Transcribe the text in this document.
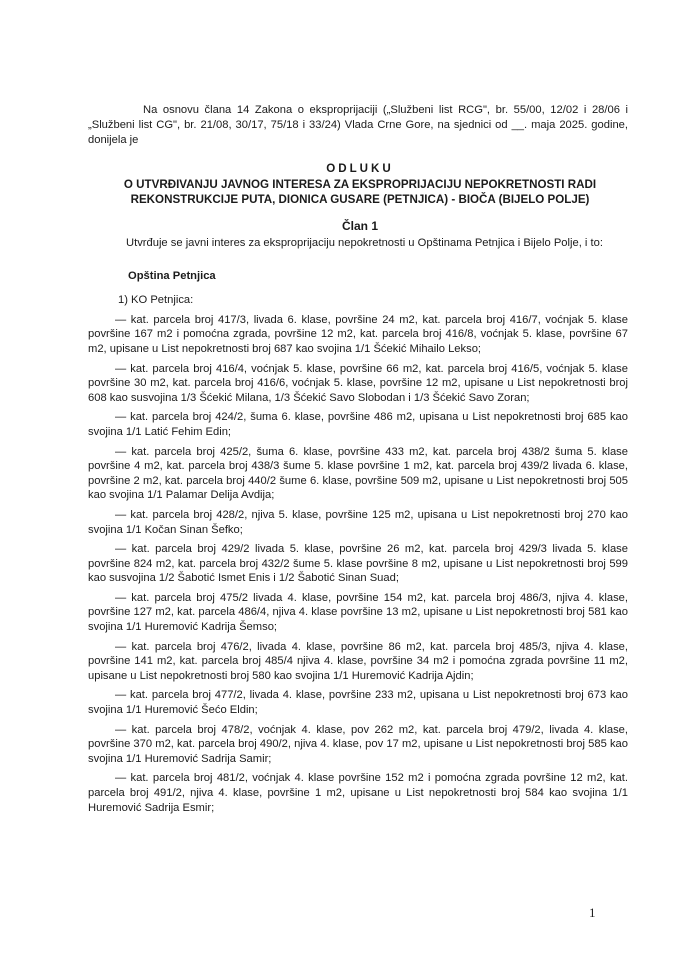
Na osnovu člana 14 Zakona o eksproprijaciji („Službeni list RCG", br. 55/00, 12/02 i 28/06 i „Službeni list CG", br. 21/08, 30/17, 75/18 i 33/24) Vlada Crne Gore, na sjednici od __. maja 2025. godine, donijela je

ODLUKU
O UTVRĐIVANJU JAVNOG INTERESA ZA EKSPROPRIJACIJU NEPOKRETNOSTI RADI REKONSTRUKCIJE PUTA, DIONICA GUSARE (PETNJICA) - BIOČA (BIJELO POLJE)
Član 1

Utvrđuje se javni interes za eksproprijaciju nepokretnosti u Opštinama Petnjica i Bijelo Polje, i to:

Opština Petnjica

1) KO Petnjica:

— kat. parcela broj 417/3, livada 6. klase, površine 24 m2, kat. parcela broj 416/7, voćnjak 5. klase površine 167 m2 i pomoćna zgrada, površine 12 m2, kat. parcela broj 416/8, voćnjak 5. klase, površine 67 m2, upisane u List nepokretnosti broj 687 kao svojina 1/1 Šćekić Mihailo Lekso;

— kat. parcela broj 416/4, voćnjak 5. klase, površine 66 m2, kat. parcela broj 416/5, voćnjak 5. klase površine 30 m2, kat. parcela broj 416/6, voćnjak 5. klase, površine 12 m2, upisane u List nepokretnosti broj 608 kao susvojina 1/3 Šćekić Milana, 1/3 Šćekić Savo Slobodan i 1/3 Šćekić Savo Zoran;

— kat. parcela broj 424/2, šuma 6. klase, površine 486 m2, upisana u List nepokretnosti broj 685 kao svojina 1/1 Latić Fehim Edin;

— kat. parcela broj 425/2, šuma 6. klase, površine 433 m2, kat. parcela broj 438/2 šuma 5. klase površine 4 m2, kat. parcela broj 438/3 šume 5. klase površine 1 m2, kat. parcela broj 439/2 livada 6. klase, površine 2 m2, kat. parcela broj 440/2 šume 6. klase, površine 509 m2, upisane u List nepokretnosti broj 505 kao svojina 1/1 Palamar Delija Avdija;

— kat. parcela broj 428/2, njiva 5. klase, površine 125 m2, upisana u List nepokretnosti broj 270 kao svojina 1/1 Kočan Sinan Šefko;

— kat. parcela broj 429/2 livada 5. klase, površine 26 m2, kat. parcela broj 429/3 livada 5. klase površine 824 m2, kat. parcela broj 432/2 šume 5. klase površine 8 m2, upisane u List nepokretnosti broj 599 kao susvojina 1/2 Šabotić Ismet Enis i 1/2 Šabotić Sinan Suad;

— kat. parcela broj 475/2 livada 4. klase, površine 154 m2, kat. parcela broj 486/3, njiva 4. klase, površine 127 m2, kat. parcela 486/4, njiva 4. klase površine 13 m2, upisane u List nepokretnosti broj 581 kao svojina 1/1 Huremović Kadrija Šemso;

— kat. parcela broj 476/2, livada 4. klase, površine 86 m2, kat. parcela broj 485/3, njiva 4. klase, površine 141 m2, kat. parcela broj 485/4 njiva 4. klase, površine 34 m2 i pomoćna zgrada površine 11 m2, upisane u List nepokretnosti broj 580 kao svojina 1/1 Huremović Kadrija Ajdin;

— kat. parcela broj 477/2, livada 4. klase, površine 233 m2, upisana u List nepokretnosti broj 673 kao svojina 1/1 Huremović Šećo Eldin;

— kat. parcela broj 478/2, voćnjak 4. klase, pov 262 m2, kat. parcela broj 479/2, livada 4. klase, površine 370 m2, kat. parcela broj 490/2, njiva 4. klase, pov 17 m2, upisane u List nepokretnosti broj 585 kao svojina 1/1 Huremović Sadrija Samir;

— kat. parcela broj 481/2, voćnjak 4. klase površine 152 m2 i pomoćna zgrada površine 12 m2, kat. parcela broj 491/2, njiva 4. klase, površine 1 m2, upisane u List nepokretnosti broj 584 kao svojina 1/1 Huremović Sadrija Esmir;

1
